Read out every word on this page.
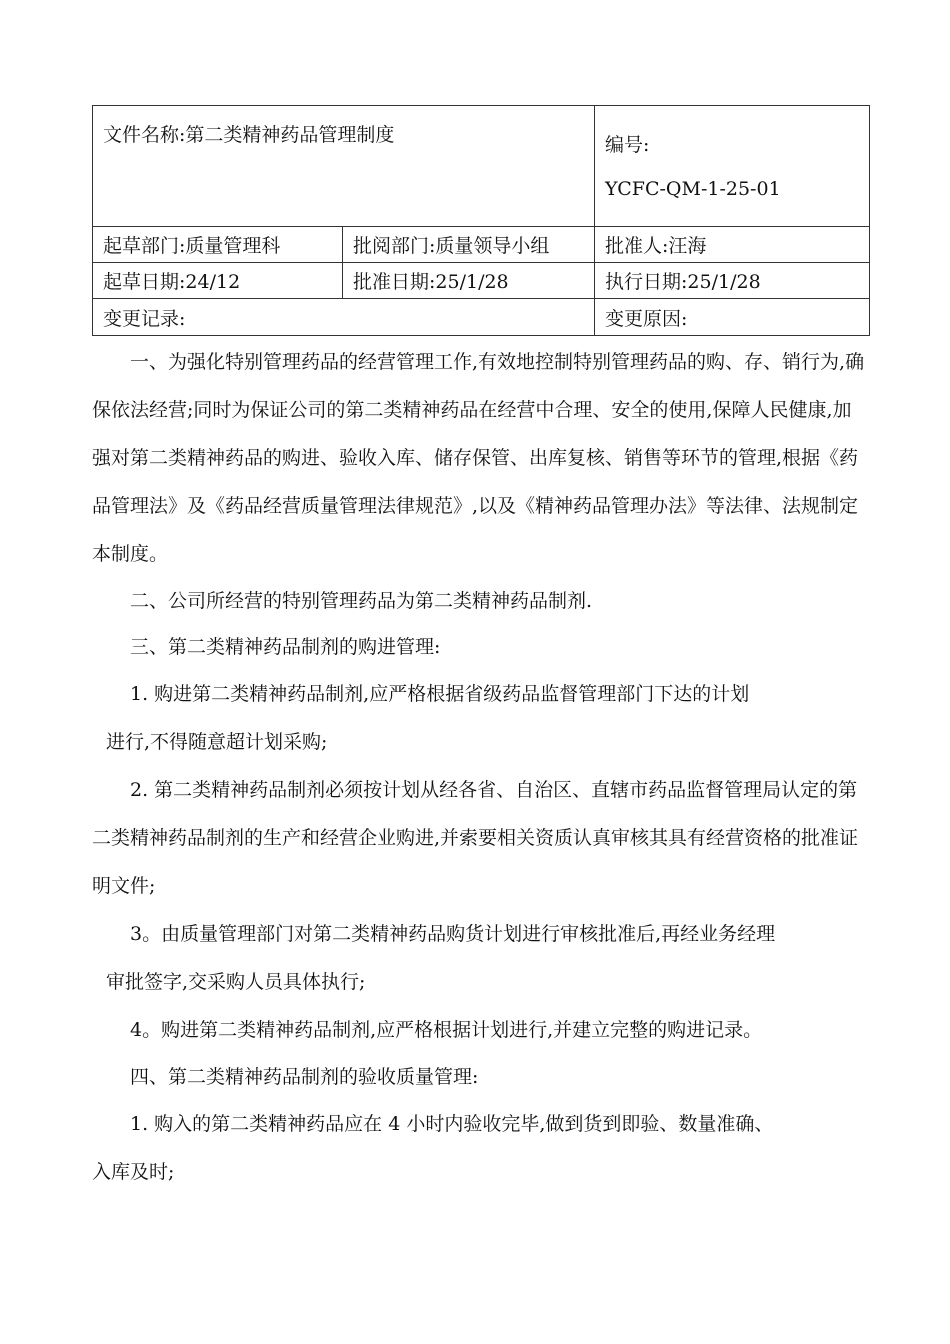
文件名称:第二类精神药品管理制度		编号:
YCFC-QM-1-25-01

起草部门:质量管理科	批阅部门:质量领导小组	批准人:汪海
起草日期:24/12	批准日期:25/1/28	执行日期:25/1/28
变更记录:		变更原因:

一、为强化特别管理药品的经营管理工作,有效地控制特别管理药品的购、存、销行为,确保依法经营;同时为保证公司的第二类精神药品在经营中合理、安全的使用,保障人民健康,加强对第二类精神药品的购进、验收入库、储存保管、出库复核、销售等环节的管理,根据《药品管理法》及《药品经营质量管理法律规范》,以及《精神药品管理办法》等法律、法规制定本制度。

二、公司所经营的特别管理药品为第二类精神药品制剂.

三、第二类精神药品制剂的购进管理:

1. 购进第二类精神药品制剂,应严格根据省级药品监督管理部门下达的计划
进行,不得随意超计划采购;

2. 第二类精神药品制剂必须按计划从经各省、自治区、直辖市药品监督管理局认定的第二类精神药品制剂的生产和经营企业购进,并索要相关资质认真审核其具有经营资格的批准证明文件;

3。由质量管理部门对第二类精神药品购货计划进行审核批准后,再经业务经理
审批签字,交采购人员具体执行;

4。购进第二类精神药品制剂,应严格根据计划进行,并建立完整的购进记录。

四、第二类精神药品制剂的验收质量管理:

1. 购入的第二类精神药品应在 4 小时内验收完毕,做到货到即验、数量准确、
入库及时;
